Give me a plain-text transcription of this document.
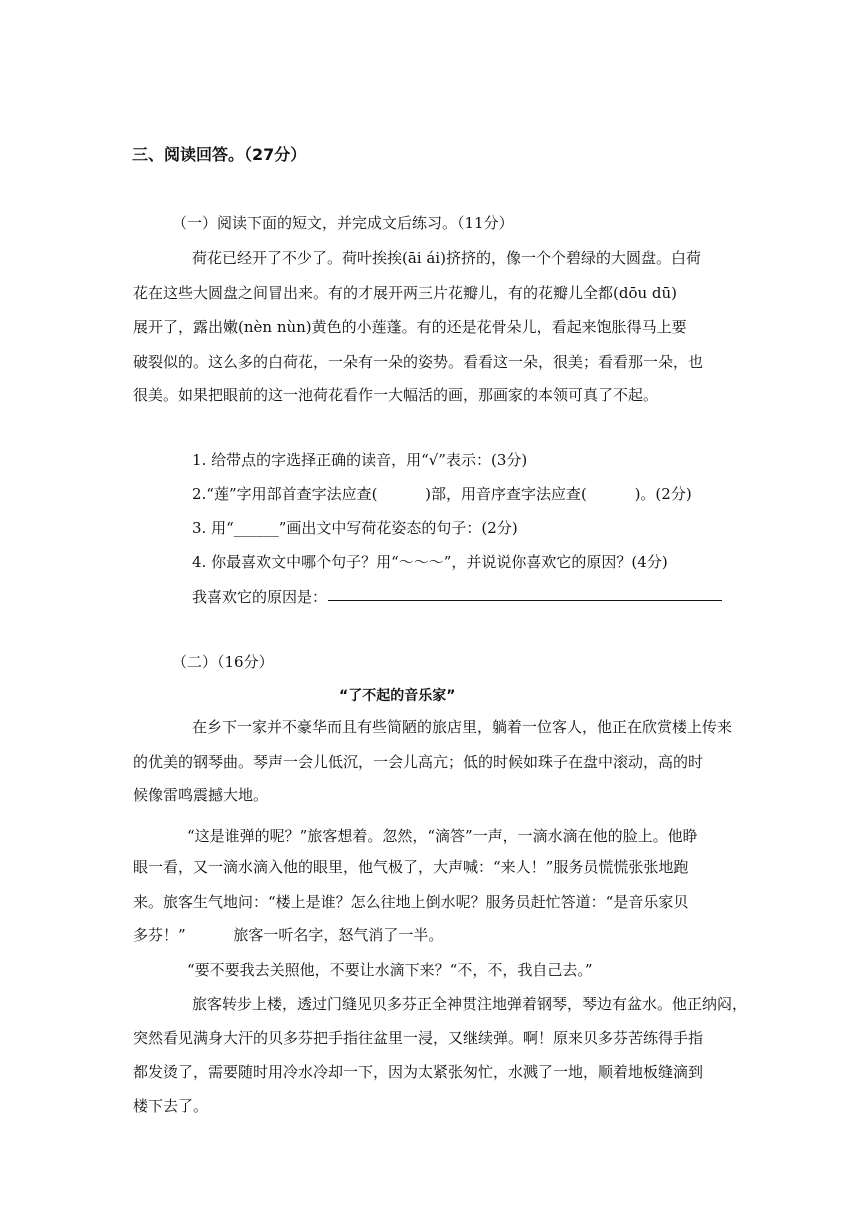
三、阅读回答。（27分）
（一）阅读下面的短文，并完成文后练习。（11分）
荷花已经开了不少了。荷叶挨挨(āi ái)挤挤的，像一个个碧绿的大圆盘。白荷
花在这些大圆盘之间冒出来。有的才展开两三片花瓣儿，有的花瓣儿全都(dōu dū)
展开了，露出嫩(nèn nùn)黄色的小莲蓬。有的还是花骨朵儿，看起来饱胀得马上要
破裂似的。这么多的白荷花，一朵有一朵的姿势。看看这一朵，很美；看看那一朵，也
很美。如果把眼前的这一池荷花看作一大幅活的画，那画家的本领可真了不起。
1. 给带点的字选择正确的读音，用“√”表示：(3分)
2.“莲”字用部首查字法应查(          )部，用音序查字法应查(          )。(2分)
3. 用“______”画出文中写荷花姿态的句子：(2分)
4. 你最喜欢文中哪个句子？用“～～～”，并说说你喜欢它的原因？(4分)
我喜欢它的原因是：
（二）（16分）
“了不起的音乐家”
在乡下一家并不豪华而且有些简陋的旅店里，躺着一位客人，他正在欣赏楼上传来
的优美的钢琴曲。琴声一会儿低沉，一会儿高亢；低的时候如珠子在盘中滚动，高的时
候像雷鸣震撼大地。
“这是谁弹的呢？”旅客想着。忽然，“滴答”一声，一滴水滴在他的脸上。他睁
眼一看，又一滴水滴入他的眼里，他气极了，大声喊：“来人！”服务员慌慌张张地跑
来。旅客生气地问：“楼上是谁？怎么往地上倒水呢？服务员赶忙答道：“是音乐家贝
多芬！”          旅客一听名字，怒气消了一半。
“要不要我去关照他，不要让水滴下来？“不，不，我自己去。”
旅客转步上楼，透过门缝见贝多芬正全神贯注地弹着钢琴，琴边有盆水。他正纳闷，
突然看见满身大汗的贝多芬把手指往盆里一浸，又继续弹。啊！原来贝多芬苦练得手指
都发烫了，需要随时用冷水冷却一下，因为太紧张匆忙，水溅了一地，顺着地板缝滴到
楼下去了。
